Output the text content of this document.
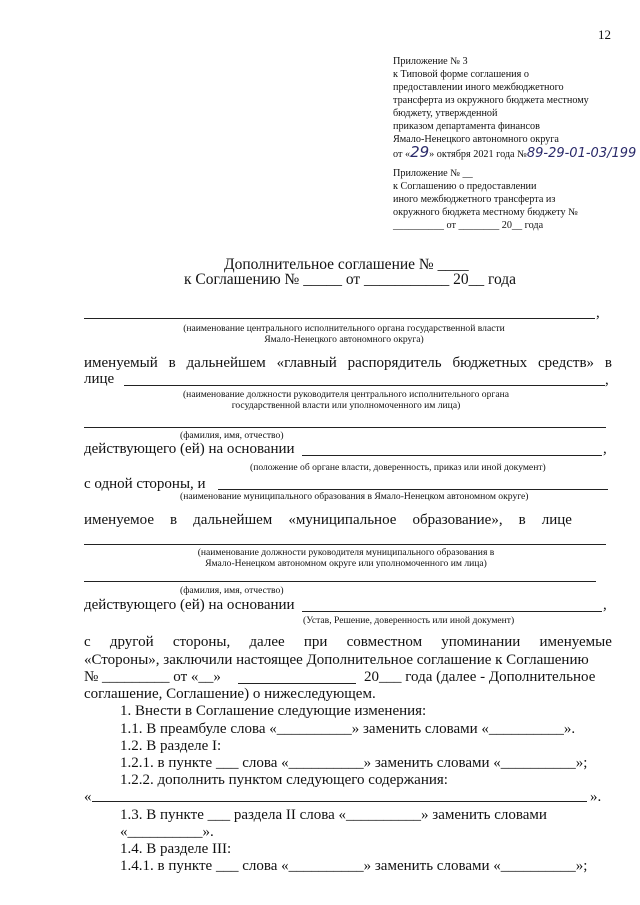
12
Приложение № 3
к Типовой форме соглашения о
предоставлении иного межбюджетного
трансферта из окружного бюджета местному
бюджету, утвержденной
приказом департамента финансов
Ямало-Ненецкого автономного округа
от «29» октября 2021 года №89-29-01-03/199
Приложение № __
к Соглашению о предоставлении
иного межбюджетного трансферта из
окружного бюджета местному бюджету №
__________ от ________ 20__ года
Дополнительное соглашение № ____
к Соглашению № _____ от ___________ 20__ года
,
(наименование центрального исполнительного органа государственной власти
Ямало-Ненецкого автономного округа)
именуемый в дальнейшем «главный распорядитель бюджетных средств» в
лице	,
(наименование должности руководителя центрального исполнительного органа
государственной власти или уполномоченного им лица)
(фамилия, имя, отчество)
действующего (ей) на основании	,
(положение об органе власти, доверенность, приказ или иной документ)
с одной стороны, и
(наименование муниципального образования в Ямало-Ненецком автономном округе)
именуемое в дальнейшем «муниципальное образование», в лице
(наименование должности руководителя муниципального образования в
Ямало-Ненецком автономном округе или уполномоченного им лица)
(фамилия, имя, отчество)
действующего (ей) на основании	,
(Устав, Решение, доверенность или иной документ)
с другой стороны, далее при совместном упоминании именуемые
«Стороны», заключили настоящее Дополнительное соглашение к Соглашению
№ _________ от «__»	20___ года (далее - Дополнительное
соглашение, Соглашение) о нижеследующем.
1. Внести в Соглашение следующие изменения:
1.1. В преамбуле слова «__________» заменить словами «__________».
1.2. В разделе I:
1.2.1. в пункте ___ слова «__________» заменить словами «__________»;
1.2.2. дополнить пунктом следующего содержания:
«	».
1.3. В пункте ___ раздела II слова «__________» заменить словами
«__________».
1.4. В разделе III:
1.4.1. в пункте ___ слова «__________» заменить словами «__________»;
